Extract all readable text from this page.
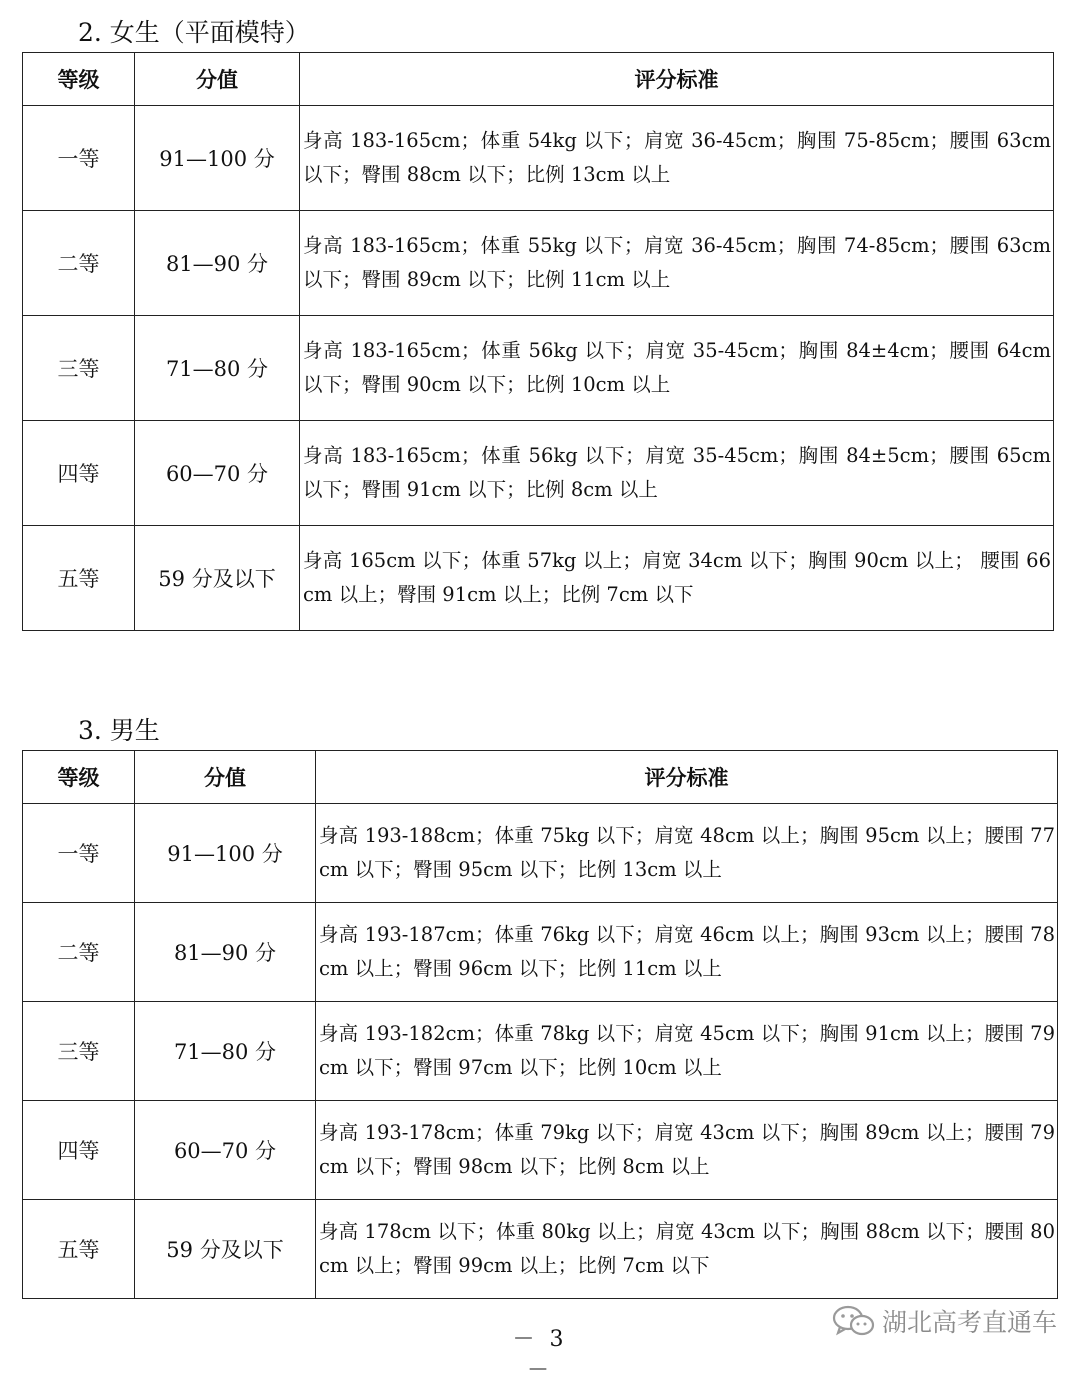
2. 女生（平面模特）
等级	分值	评分标准
一等	91—100 分	身高 183-165cm；体重 54kg 以下；肩宽 36-45cm；胸围 75-85cm；腰围 63cm 以下；臀围 88cm 以下；比例 13cm 以上
二等	81—90 分	身高 183-165cm；体重 55kg 以下；肩宽 36-45cm；胸围 74-85cm；腰围 63cm 以下；臀围 89cm 以下；比例 11cm 以上
三等	71—80 分	身高 183-165cm；体重 56kg 以下；肩宽 35-45cm；胸围 84±4cm；腰围 64cm 以下；臀围 90cm 以下；比例 10cm 以上
四等	60—70 分	身高 183-165cm；体重 56kg 以下；肩宽 35-45cm；胸围 84±5cm；腰围 65cm 以下；臀围 91cm 以下；比例 8cm 以上
五等	59 分及以下	身高 165cm 以下；体重 57kg 以上；肩宽 34cm 以下；胸围 90cm 以上； 腰围 66cm 以上；臀围 91cm 以上；比例 7cm 以下
3. 男生
等级	分值	评分标准
一等	91—100 分	身高 193-188cm；体重 75kg 以下；肩宽 48cm 以上；胸围 95cm 以上；腰围 77cm 以下；臀围 95cm 以下；比例 13cm 以上
二等	81—90 分	身高 193-187cm；体重 76kg 以下；肩宽 46cm 以上；胸围 93cm 以上；腰围 78cm 以上；臀围 96cm 以下；比例 11cm 以上
三等	71—80 分	身高 193-182cm；体重 78kg 以下；肩宽 45cm 以下；胸围 91cm 以上；腰围 79cm 以下；臀围 97cm 以下；比例 10cm 以上
四等	60—70 分	身高 193-178cm；体重 79kg 以下；肩宽 43cm 以下；胸围 89cm 以上；腰围 79cm 以下；臀围 98cm 以下；比例 8cm 以上
五等	59 分及以下	身高 178cm 以下；体重 80kg 以上；肩宽 43cm 以下；胸围 88cm 以下；腰围 80cm 以上；臀围 99cm 以上；比例 7cm 以下
湖北高考直通车
－ 3 －
